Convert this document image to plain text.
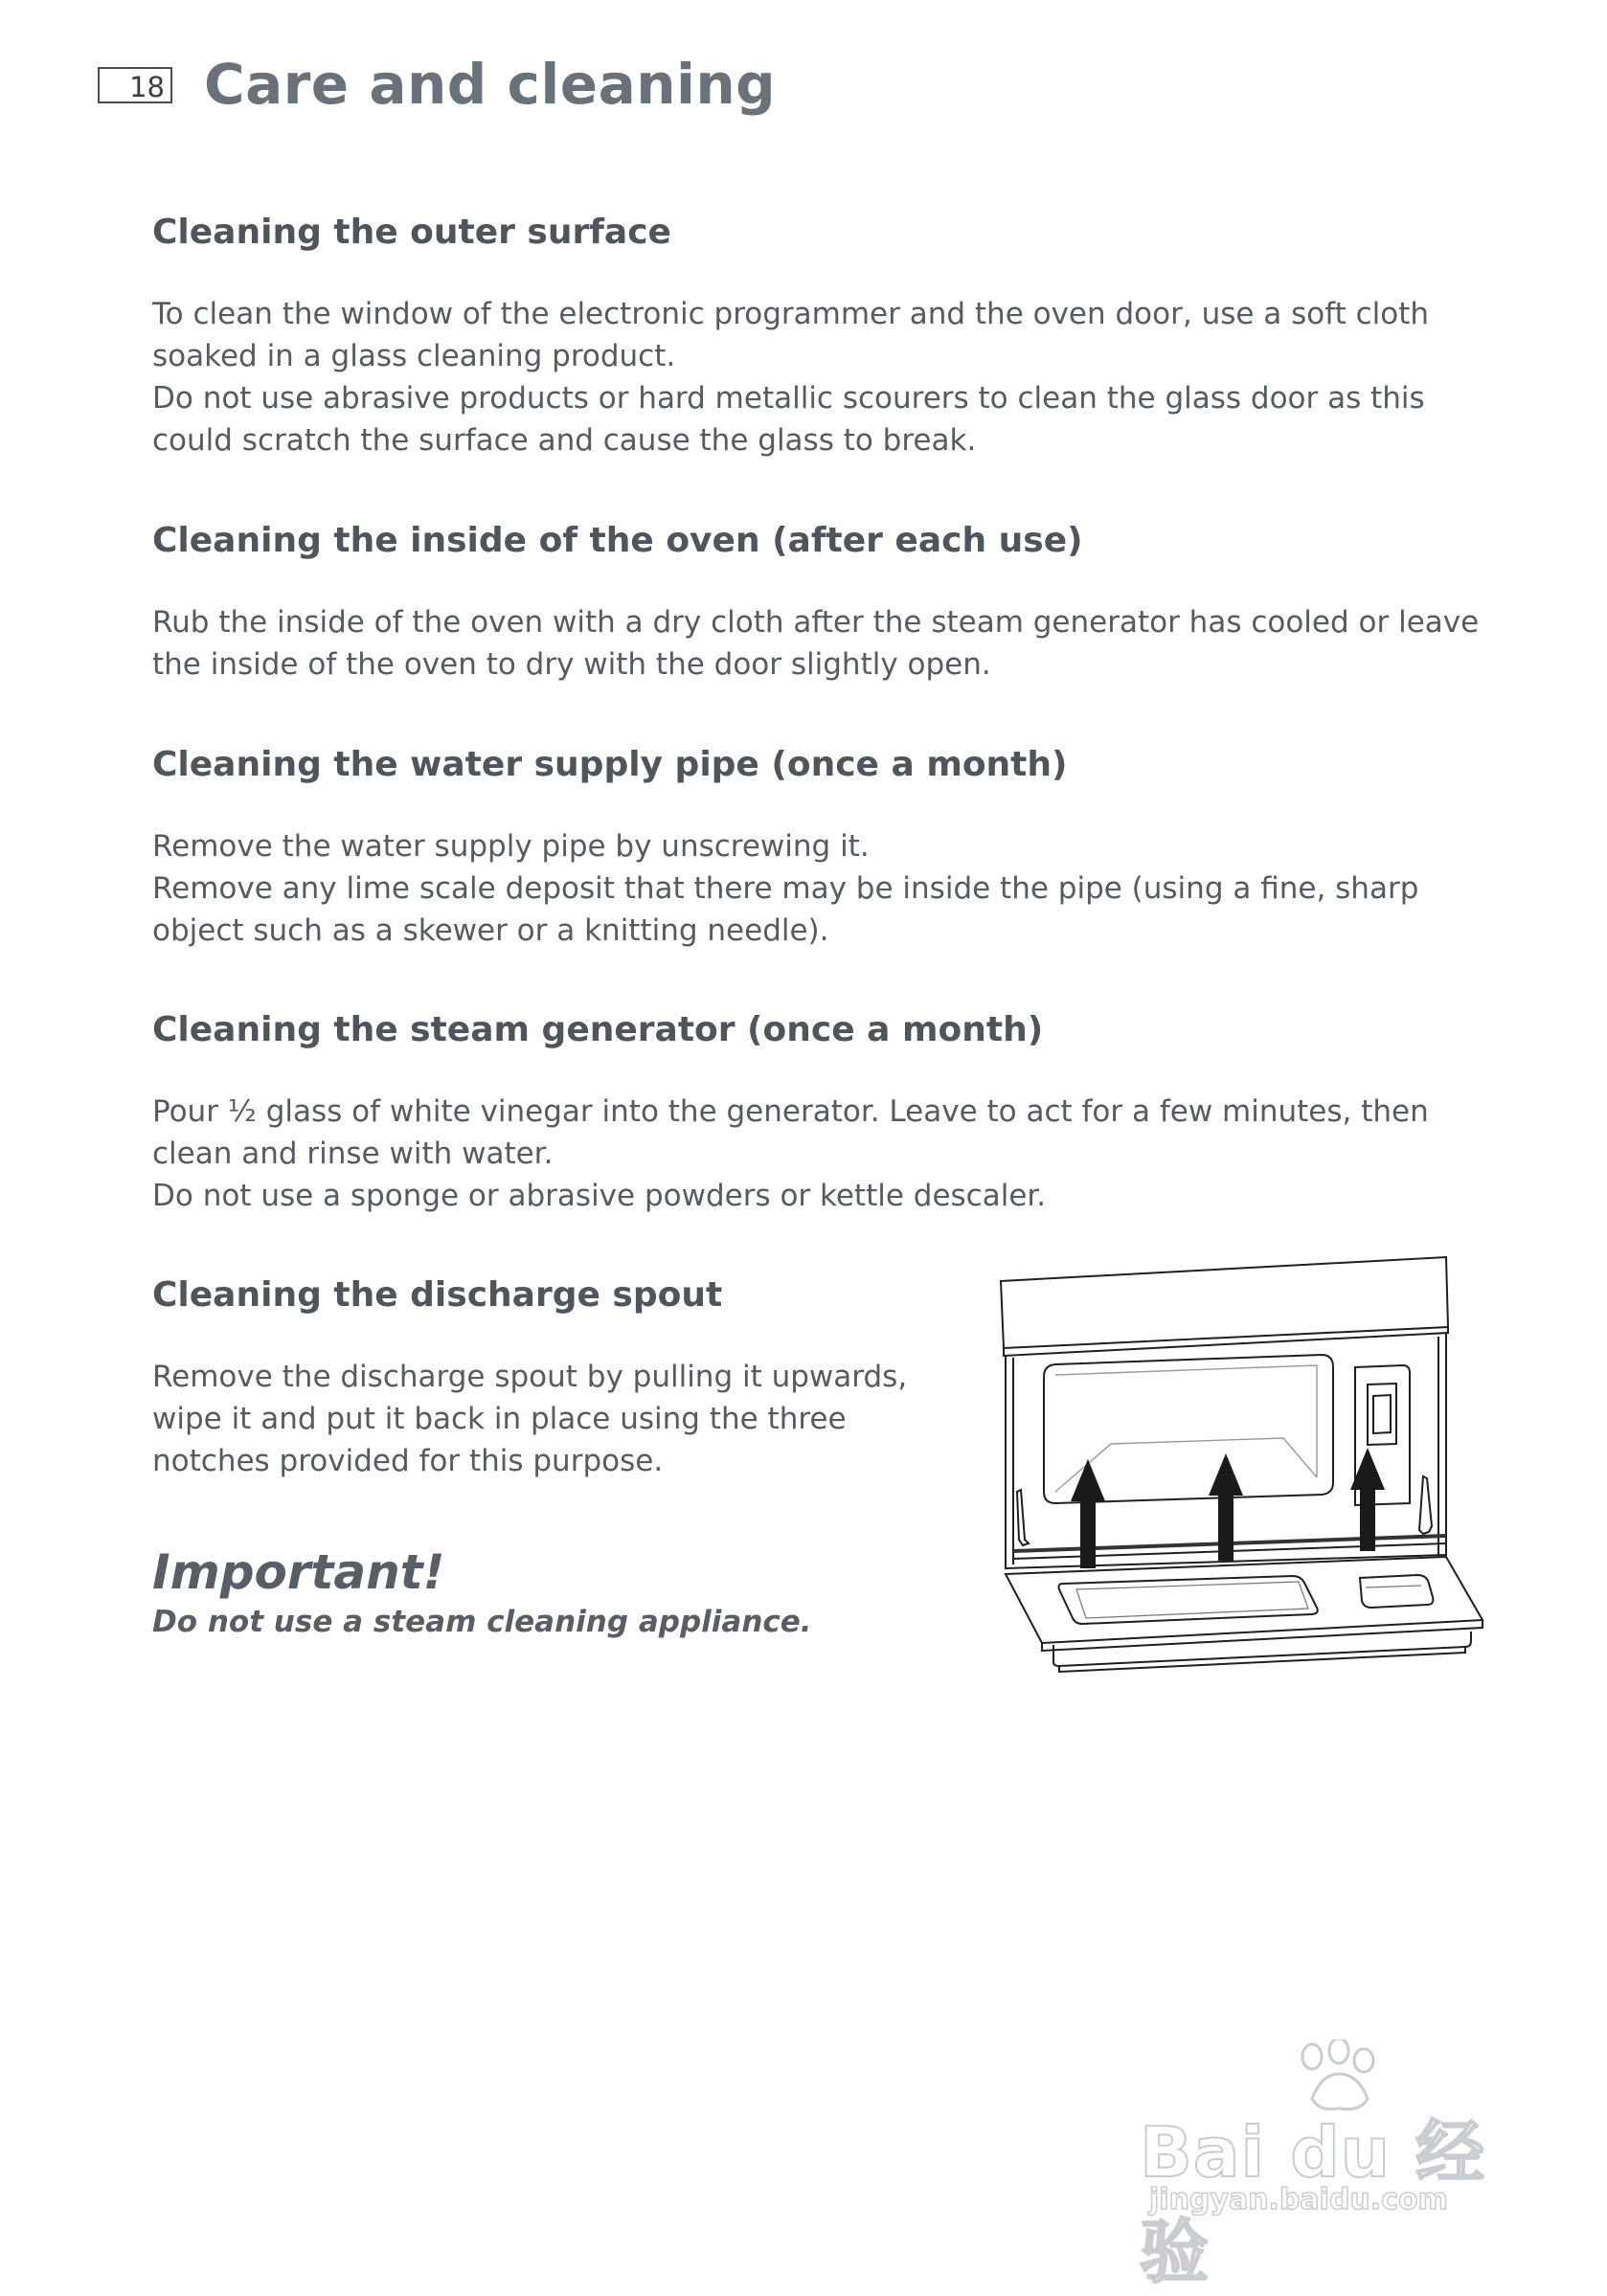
18 Care and cleaning
Cleaning the outer surface

To clean the window of the electronic programmer and the oven door, use a soft cloth soaked in a glass cleaning product.

Do not use abrasive products or hard metallic scourers to clean the glass door as this could scratch the surface and cause the glass to break.

Cleaning the inside of the oven (after each use)

Rub the inside of the oven with a dry cloth after the steam generator has cooled or leave the inside of the oven to dry with the door slightly open.

Cleaning the water supply pipe (once a month)

Remove the water supply pipe by unscrewing it.

Remove any lime scale deposit that there may be inside the pipe (using a fine, sharp object such as a skewer or a knitting needle).

Cleaning the steam generator (once a month)

Pour ½ glass of white vinegar into the generator. Leave to act for a few minutes, then clean and rinse with water.

Do not use a sponge or abrasive powders or kettle descaler.

Cleaning the discharge spout

Remove the discharge spout by pulling it upwards, wipe it and put it back in place using the three notches provided for this purpose.

Important!

Do not use a steam cleaning appliance.

Bai du 经验
jingyan.baidu.com
